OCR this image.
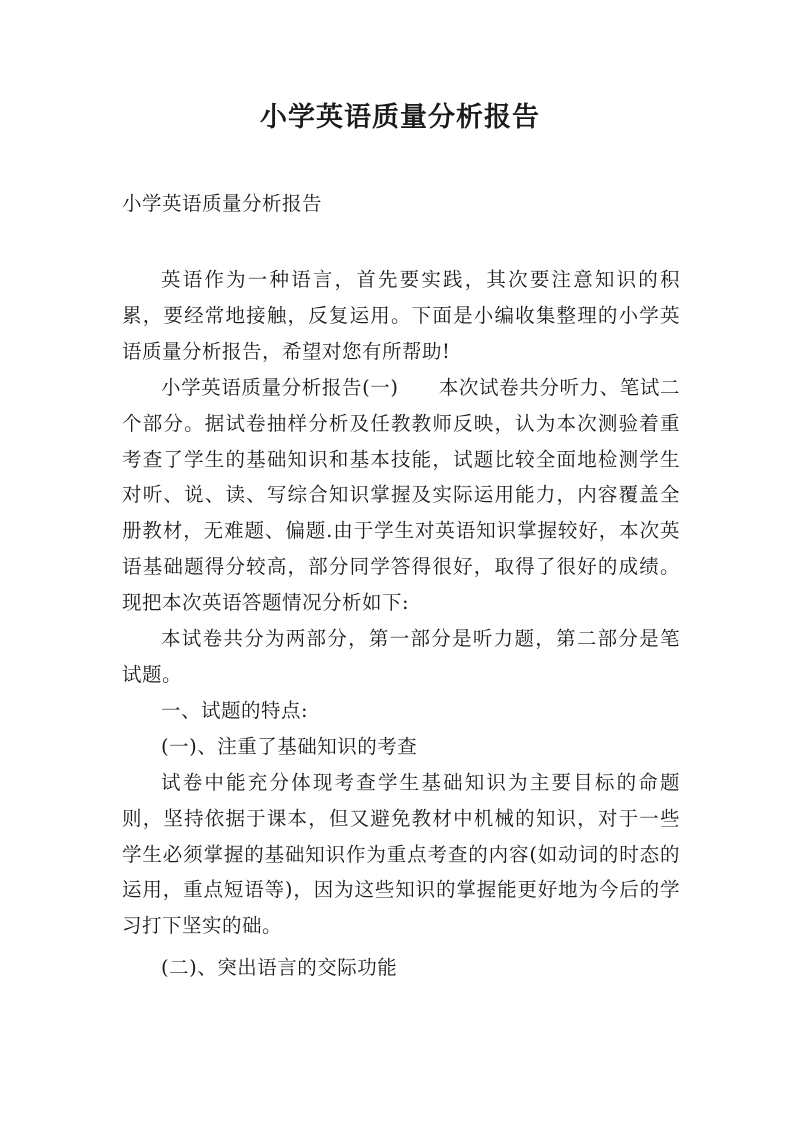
小学英语质量分析报告
小学英语质量分析报告

英语作为一种语言，首先要实践，其次要注意知识的积累，要经常地接触，反复运用。下面是小编收集整理的小学英语质量分析报告，希望对您有所帮助!

小学英语质量分析报告(一)　　本次试卷共分听力、笔试二个部分。据试卷抽样分析及任教教师反映，认为本次测验着重考查了学生的基础知识和基本技能，试题比较全面地检测学生对听、说、读、写综合知识掌握及实际运用能力，内容覆盖全册教材，无难题、偏题.由于学生对英语知识掌握较好，本次英语基础题得分较高，部分同学答得很好，取得了很好的成绩。现把本次英语答题情况分析如下:

本试卷共分为两部分，第一部分是听力题，第二部分是笔试题。

一、试题的特点:

(一)、注重了基础知识的考查

试卷中能充分体现考查学生基础知识为主要目标的命题则，坚持依据于课本，但又避免教材中机械的知识，对于一些学生必须掌握的基础知识作为重点考查的内容(如动词的时态的运用，重点短语等)，因为这些知识的掌握能更好地为今后的学习打下坚实的础。

(二)、突出语言的交际功能
